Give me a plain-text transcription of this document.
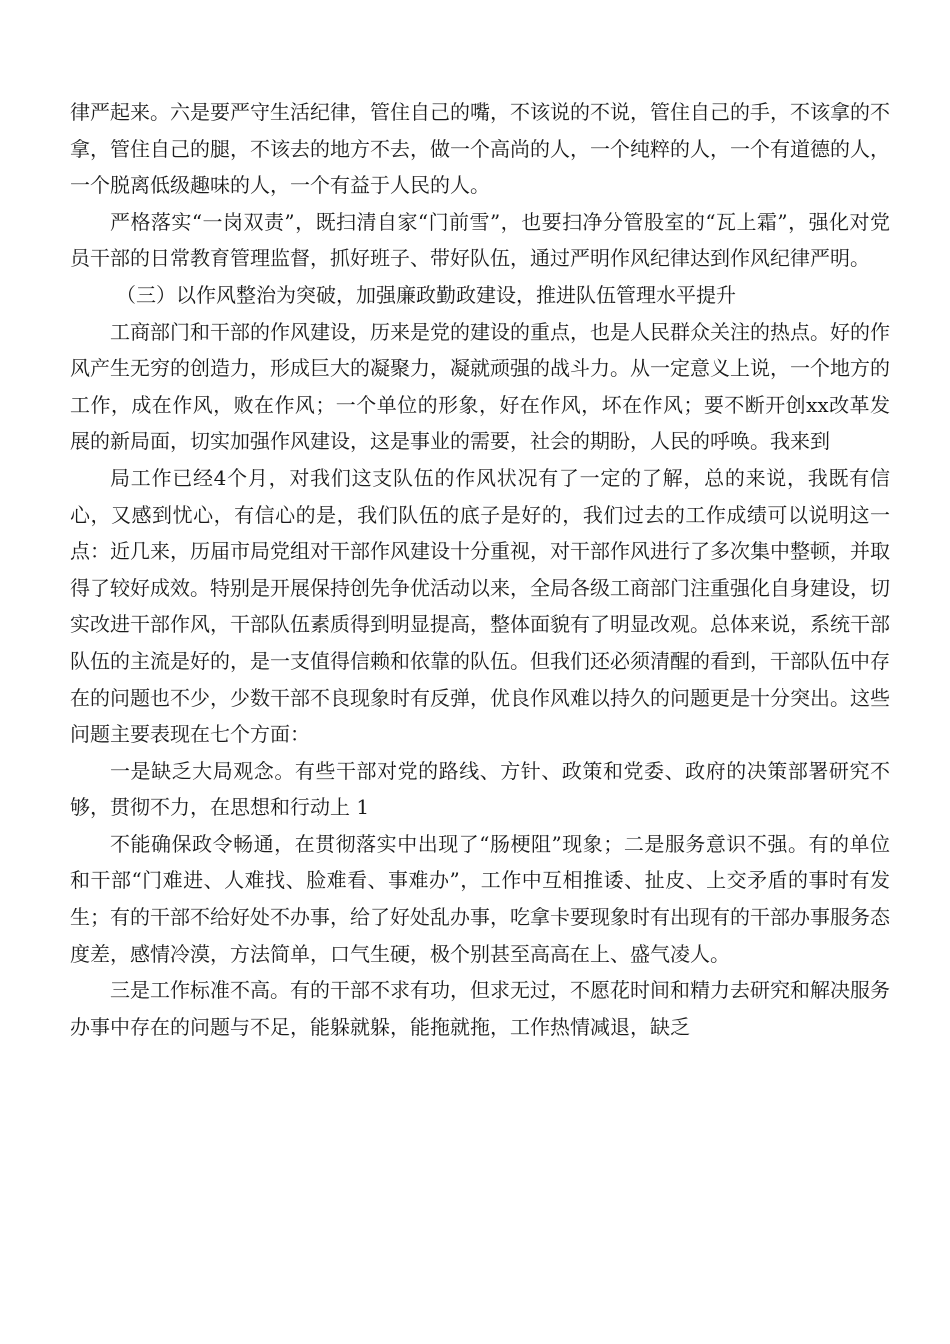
律严起来。六是要严守生活纪律，管住自己的嘴，不该说的不说，管住自己的手，不该拿的不拿，管住自己的腿，不该去的地方不去，做一个高尚的人，一个纯粹的人，一个有道德的人，一个脱离低级趣味的人，一个有益于人民的人。

严格落实“一岗双责”，既扫清自家“门前雪”，也要扫净分管股室的“瓦上霜”，强化对党员干部的日常教育管理监督，抓好班子、带好队伍，通过严明作风纪律达到作风纪律严明。

（三）以作风整治为突破，加强廉政勤政建设，推进队伍管理水平提升

工商部门和干部的作风建设，历来是党的建设的重点，也是人民群众关注的热点。好的作风产生无穷的创造力，形成巨大的凝聚力，凝就顽强的战斗力。从一定意义上说，一个地方的工作，成在作风，败在作风；一个单位的形象，好在作风，坏在作风；要不断开创xx改革发展的新局面，切实加强作风建设，这是事业的需要，社会的期盼，人民的呼唤。我来到

局工作已经4个月，对我们这支队伍的作风状况有了一定的了解，总的来说，我既有信心，又感到忧心，有信心的是，我们队伍的底子是好的，我们过去的工作成绩可以说明这一点：近几来，历届市局党组对干部作风建设十分重视，对干部作风进行了多次集中整顿，并取得了较好成效。特别是开展保持创先争优活动以来，全局各级工商部门注重强化自身建设，切实改进干部作风，干部队伍素质得到明显提高，整体面貌有了明显改观。总体来说，系统干部队伍的主流是好的，是一支值得信赖和依靠的队伍。但我们还必须清醒的看到，干部队伍中存在的问题也不少，少数干部不良现象时有反弹，优良作风难以持久的问题更是十分突出。这些问题主要表现在七个方面：

一是缺乏大局观念。有些干部对党的路线、方针、政策和党委、政府的决策部署研究不够，贯彻不力，在思想和行动上 1

不能确保政令畅通，在贯彻落实中出现了“肠梗阻”现象；二是服务意识不强。有的单位和干部“门难进、人难找、脸难看、事难办”，工作中互相推诿、扯皮、上交矛盾的事时有发生；有的干部不给好处不办事，给了好处乱办事，吃拿卡要现象时有出现有的干部办事服务态度差，感情冷漠，方法简单，口气生硬，极个别甚至高高在上、盛气凌人。

三是工作标准不高。有的干部不求有功，但求无过，不愿花时间和精力去研究和解决服务办事中存在的问题与不足，能躲就躲，能拖就拖，工作热情减退，缺乏
